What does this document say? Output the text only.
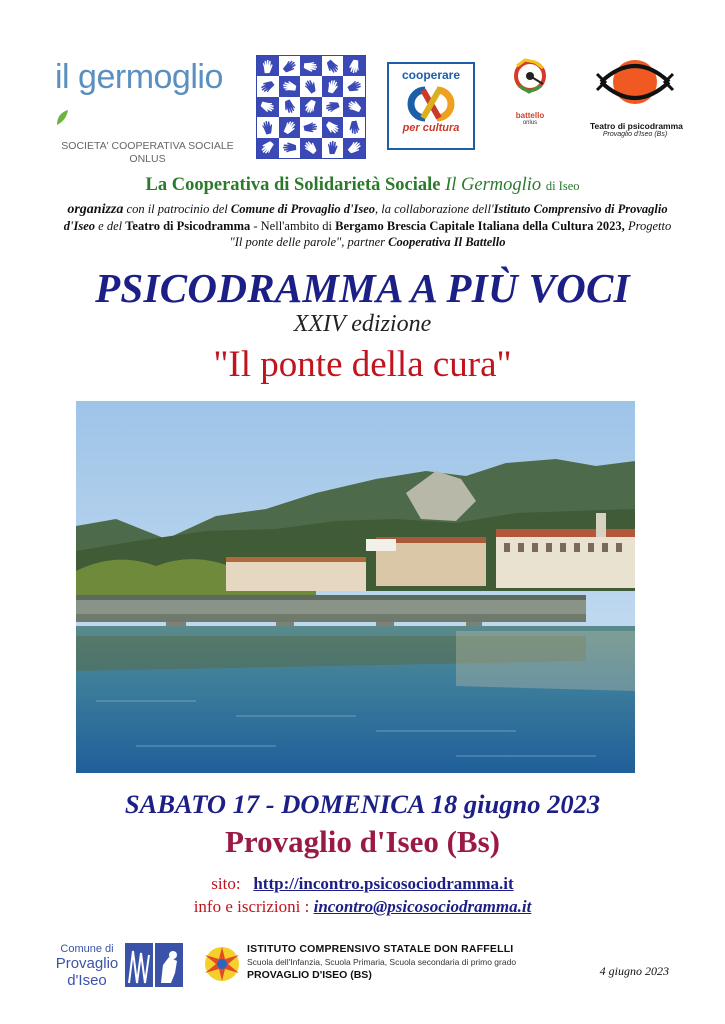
il germoglio
SOCIETA' COOPERATIVA SOCIALE
ONLUS
cooperare
per cultura
battello
onlus	Teatro di psicodramma
Provaglio d'Iseo (Bs)
La Cooperativa di Solidarietà Sociale Il Germoglio di Iseo
organizza con il patrocinio del Comune di Provaglio d'Iseo, la collaborazione dell'Istituto Comprensivo di Provaglio d'Iseo e del Teatro di Psicodramma - Nell'ambito di Bergamo Brescia Capitale Italiana della Cultura 2023, Progetto "Il ponte delle parole", partner Cooperativa Il Battello
PSICODRAMMA A PIÙ VOCI
XXIV edizione
"Il ponte della cura"
SABATO 17 - DOMENICA 18 giugno 2023
Provaglio d'Iseo (Bs)
sito: http://incontro.psicosociodramma.it
info e iscrizioni : incontro@psicosociodramma.it
Comune di
Provaglio
d'Iseo
ISTITUTO COMPRENSIVO STATALE DON RAFFELLI
Scuola dell'Infanzia, Scuola Primaria, Scuola secondaria di primo grado
PROVAGLIO D'ISEO (BS)	4 giugno 2023
